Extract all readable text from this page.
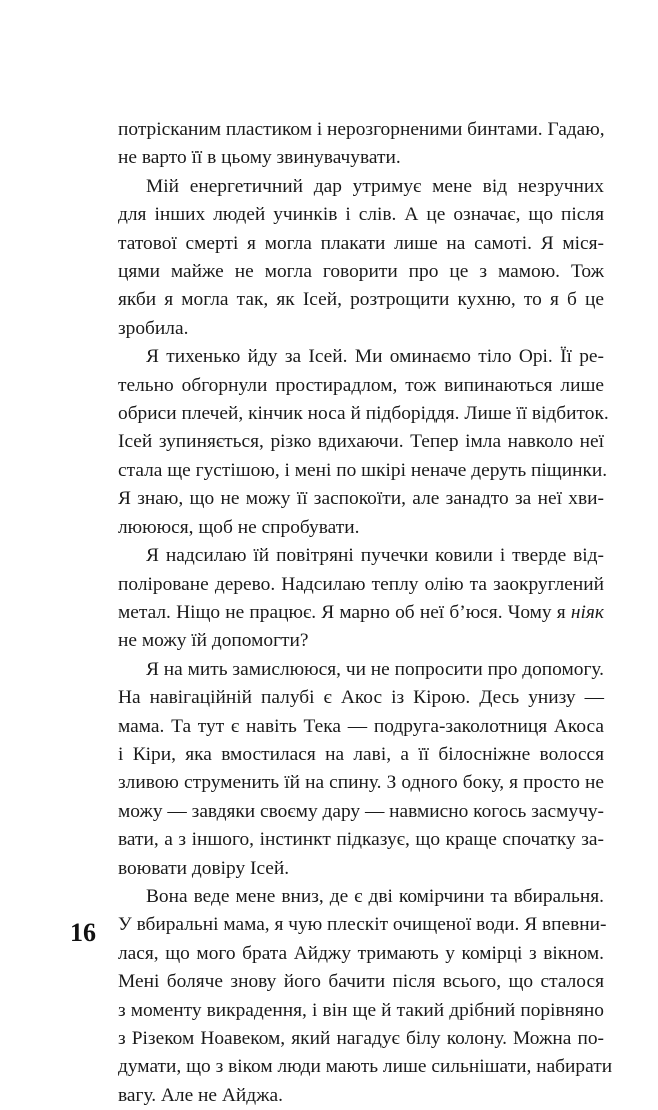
потрісканим пластиком і нерозгорненими бинтами. Гадаю,
не варто її в цьому звинувачувати.

Мій енергетичний дар утримує мене від незручних
для інших людей учинків і слів. А це означає, що після
татової смерті я могла плакати лише на самоті. Я міся-
цями майже не могла говорити про це з мамою. Тож
якби я могла так, як Ісей, розтрощити кухню, то я б це
зробила.

Я тихенько йду за Ісей. Ми оминаємо тіло Орі. Її ре-
тельно обгорнули простирадлом, тож випинаються лише
обриси плечей, кінчик носа й підборіддя. Лише її відбиток.
Ісей зупиняється, різко вдихаючи. Тепер імла навколо неї
стала ще густішою, і мені по шкірі неначе деруть піщинки.
Я знаю, що не можу її заспокоїти, але занадто за неї хви-
люююся, щоб не спробувати.

Я надсилаю їй повітряні пучечки ковили і тверде від-
поліроване дерево. Надсилаю теплу олію та заокруглений
метал. Ніщо не працює. Я марно об неї б’юся. Чому я ніяк
не можу їй допомогти?

Я на мить замислююся, чи не попросити про допомогу.
На навігаційній палубі є Акос із Кірою. Десь унизу —
мама. Та тут є навіть Тека — подруга-заколотниця Акоса
і Кіри, яка вмостилася на лаві, а її білосніжне волосся
зливою струменить їй на спину. З одного боку, я просто не
можу — завдяки своєму дару — навмисно когось засмучу-
вати, а з іншого, інстинкт підказує, що краще спочатку за-
воювати довіру Ісей.

Вона веде мене вниз, де є дві комірчини та вбиральня.
У вбиральні мама, я чую плескіт очищеної води. Я впевни-
лася, що мого брата Айджу тримають у комірці з вікном.
Мені боляче знову його бачити після всього, що сталося
з моменту викрадення, і він ще й такий дрібний порівняно
з Різеком Ноавеком, який нагадує білу колону. Можна по-
думати, що з віком люди мають лише сильнішати, набирати
вагу. Але не Айджа.

16
